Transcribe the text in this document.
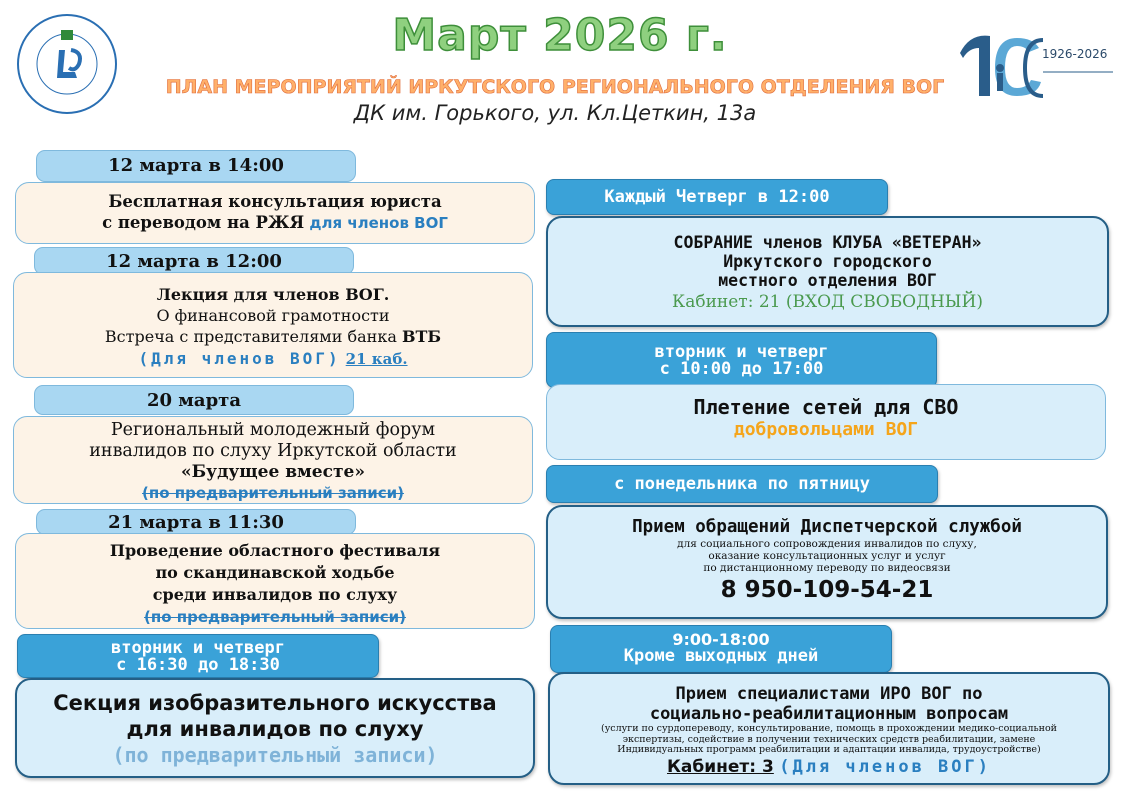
Март 2026 г.
ПЛАН МЕРОПРИЯТИЙ ИРКУТСКОГО РЕГИОНАЛЬНОГО ОТДЕЛЕНИЯ ВОГ
ДК им. Горького, ул. Кл.Цеткин, 13а
1926-2026
12 марта в 14:00
Бесплатная консультация юриста
с переводом на РЖЯ для членов ВОГ
12 марта в 12:00
Лекция для членов ВОГ.
О финансовой грамотности
Встреча с представителями банка ВТБ
(Для членов ВОГ) 21 каб.
20 марта
Региональный молодежный форум
инвалидов по слуху Иркутской области
«Будущее вместе»
(по предварительный записи)
21 марта в 11:30
Проведение областного фестиваля
по скандинавской ходьбе
среди инвалидов по слуху
(по предварительный записи)
вторник и четверг
с 16:30 до 18:30
Секция изобразительного искусства
для инвалидов по слуху
(по предварительный записи)
Каждый Четверг в 12:00
СОБРАНИЕ членов КЛУБА «ВЕТЕРАН»
Иркутского городского
местного отделения ВОГ
Кабинет: 21 (ВХОД СВОБОДНЫЙ)
вторник и четверг
с 10:00 до 17:00
Плетение сетей для СВО
добровольцами ВОГ
с понедельника по пятницу
Прием обращений Диспетчерской службой
для социального сопровождения инвалидов по слуху,
оказание консультационных услуг и услуг
по дистанционному переводу по видеосвязи
8 950-109-54-21
9:00-18:00
Кроме выходных дней
Прием специалистами ИРО ВОГ по
социально-реабилитационным вопросам
(услуги по сурдопереводу, консультирование, помощь в прохождении медико-социальной
экспертизы, содействие в получении технических средств реабилитации, замене
Индивидуальных программ реабилитации и адаптации инвалида, трудоустройстве)
Кабинет: 3 (Для членов ВОГ)
